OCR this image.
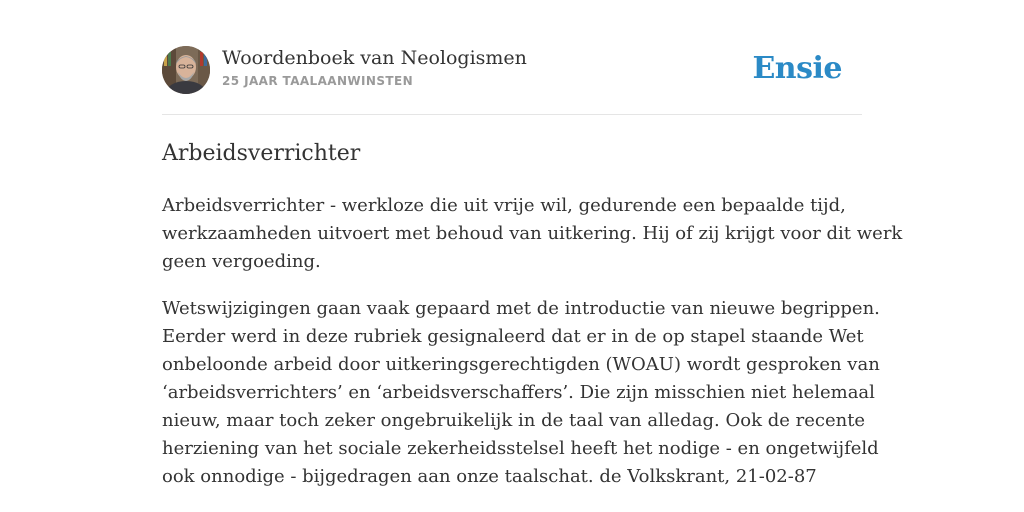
Woordenboek van Neologismen
25 JAAR TAALAANWINSTEN	Ensie
Arbeidsverrichter
Arbeidsverrichter - werkloze die uit vrije wil, gedurende een bepaalde tijd,
werkzaamheden uitvoert met behoud van uitkering. Hij of zij krijgt voor dit werk
geen vergoeding.
Wetswijzigingen gaan vaak gepaard met de introductie van nieuwe begrippen.
Eerder werd in deze rubriek gesignaleerd dat er in de op stapel staande Wet
onbeloonde arbeid door uitkeringsgerechtigden (WOAU) wordt gesproken van
‘arbeidsverrichters’ en ‘arbeidsverschaffers’. Die zijn misschien niet helemaal
nieuw, maar toch zeker ongebruikelijk in de taal van alledag. Ook de recente
herziening van het sociale zekerheidsstelsel heeft het nodige - en ongetwijfeld
ook onnodige - bijgedragen aan onze taalschat. de Volkskrant, 21-02-87
